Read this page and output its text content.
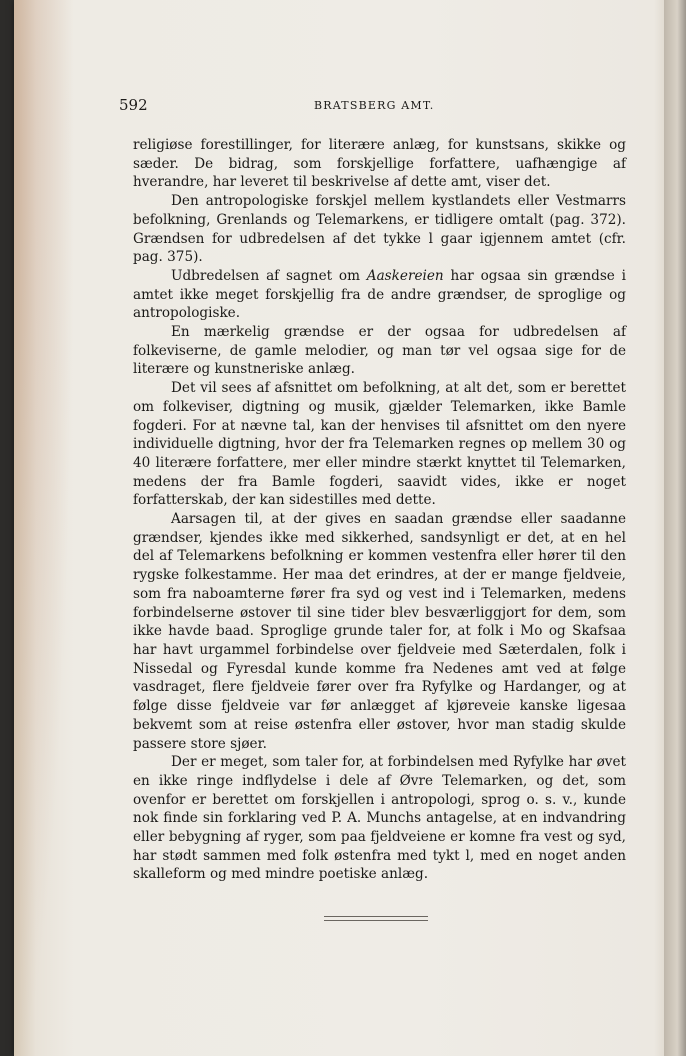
592	BRATSBERG AMT.

religiøse forestillinger, for literære anlæg, for kunstsans, skikke og sæder. De bidrag, som forskjellige forfattere, uafhængige af hverandre, har leveret til beskrivelse af dette amt, viser det.

Den antropologiske forskjel mellem kystlandets eller Vestmarrs befolkning, Grenlands og Telemarkens, er tidligere omtalt (pag. 372). Grændsen for udbredelsen af det tykke l gaar igjennem amtet (cfr. pag. 375).

Udbredelsen af sagnet om Aaskereien har ogsaa sin grændse i amtet ikke meget forskjellig fra de andre grændser, de sproglige og antropologiske.

En mærkelig grændse er der ogsaa for udbredelsen af folkeviserne, de gamle melodier, og man tør vel ogsaa sige for de literære og kunstneriske anlæg.

Det vil sees af afsnittet om befolkning, at alt det, som er berettet om folkeviser, digtning og musik, gjælder Telemarken, ikke Bamle fogderi. For at nævne tal, kan der henvises til afsnittet om den nyere individuelle digtning, hvor der fra Telemarken regnes op mellem 30 og 40 literære forfattere, mer eller mindre stærkt knyttet til Telemarken, medens der fra Bamle fogderi, saavidt vides, ikke er noget forfatterskab, der kan sidestilles med dette.

Aarsagen til, at der gives en saadan grændse eller saadanne grændser, kjendes ikke med sikkerhed, sandsynligt er det, at en hel del af Telemarkens befolkning er kommen vestenfra eller hører til den rygske folkestamme. Her maa det erindres, at der er mange fjeldveie, som fra naboamterne fører fra syd og vest ind i Telemarken, medens forbindelserne østover til sine tider blev besværliggjort for dem, som ikke havde baad. Sproglige grunde taler for, at folk i Mo og Skafsaa har havt urgammel forbindelse over fjeldveie med Sæterdalen, folk i Nissedal og Fyresdal kunde komme fra Nedenes amt ved at følge vasdraget, flere fjeldveie fører over fra Ryfylke og Hardanger, og at følge disse fjeldveie var før anlægget af kjøreveie kanske ligesaa bekvemt som at reise østenfra eller østover, hvor man stadig skulde passere store sjøer.

Der er meget, som taler for, at forbindelsen med Ryfylke har øvet en ikke ringe indflydelse i dele af Øvre Telemarken, og det, som ovenfor er berettet om forskjellen i antropologi, sprog o. s. v., kunde nok finde sin forklaring ved P. A. Munchs antagelse, at en indvandring eller bebygning af ryger, som paa fjeldveiene er komne fra vest og syd, har stødt sammen med folk østenfra med tykt l, med en noget anden skalleform og med mindre poetiske anlæg.
